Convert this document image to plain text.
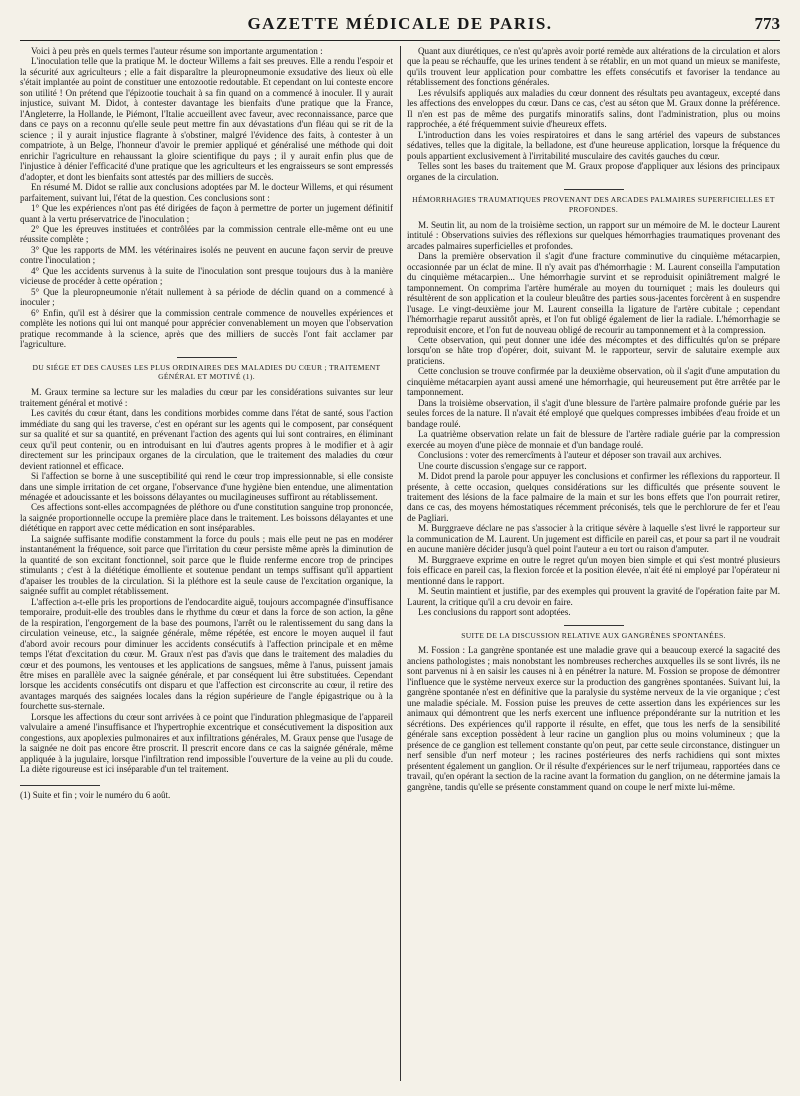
GAZETTE MÉDICALE DE PARIS.	773

Voici à peu près en quels termes l'auteur résume son importante argumentation :

L'inoculation telle que la pratique M. le docteur Willems a fait ses preuves. Elle a rendu l'espoir et la sécurité aux agriculteurs ; elle a fait disparaître la pleuropneumonie exsudative des lieux où elle s'était implantée au point de constituer une entozootie redoutable. Et cependant on lui conteste encore son utilité ! On prétend que l'épizootie touchait à sa fin quand on a commencé à inoculer. Il y aurait injustice, suivant M. Didot, à contester davantage les bienfaits d'une pratique que la France, l'Angleterre, la Hollande, le Piémont, l'Italie accueillent avec faveur, avec reconnaissance, parce que dans ce pays on a reconnu qu'elle seule peut mettre fin aux dévastations d'un fléau qui se rit de la science ; il y aurait injustice flagrante à s'obstiner, malgré l'évidence des faits, à contester à un compatriote, à un Belge, l'honneur d'avoir le premier appliqué et généralisé une méthode qui doit enrichir l'agriculture en rehaussant la gloire scientifique du pays ; il y aurait enfin plus que de l'injustice à dénier l'efficacité d'une pratique que les agriculteurs et les engraisseurs se sont empressés d'adopter, et dont les bienfaits sont attestés par des milliers de succès.

En résumé M. Didot se rallie aux conclusions adoptées par M. le docteur Willems, et qui résument parfaitement, suivant lui, l'état de la question. Ces conclusions sont :

1° Que les expériences n'ont pas été dirigées de façon à permettre de porter un jugement définitif quant à la vertu préservatrice de l'inoculation ;

2° Que les épreuves instituées et contrôlées par la commission centrale elle-même ont eu une réussite complète ;

3° Que les rapports de MM. les vétérinaires isolés ne peuvent en aucune façon servir de preuve contre l'inoculation ;

4° Que les accidents survenus à la suite de l'inoculation sont presque toujours dus à la manière vicieuse de procéder à cette opération ;

5° Que la pleuropneumonie n'était nullement à sa période de déclin quand on a commencé à inoculer ;

6° Enfin, qu'il est à désirer que la commission centrale commence de nouvelles expériences et complète les notions qui lui ont manqué pour apprécier convenablement un moyen que l'observation pratique recommande à la science, après que des milliers de succès l'ont fait acclamer par l'agriculture.

DU SIÉGE ET DES CAUSES LES PLUS ORDINAIRES DES MALADIES DU CŒUR ; TRAITEMENT GÉNÉRAL ET MOTIVÉ (1).

M. Graux termine sa lecture sur les maladies du cœur par les considérations suivantes sur leur traitement général et motivé :

Les cavités du cœur étant, dans les conditions morbides comme dans l'état de santé, sous l'action immédiate du sang qui les traverse, c'est en opérant sur les agents qui le composent, par conséquent sur sa qualité et sur sa quantité, en prévenant l'action des agents qui lui sont contraires, en éliminant ceux qu'il peut contenir, ou en introduisant en lui d'autres agents propres à le modifier et à agir directement sur les principaux organes de la circulation, que le traitement des maladies du cœur devient rationnel et efficace.

Si l'affection se borne à une susceptibilité qui rend le cœur trop impressionnable, si elle consiste dans une simple irritation de cet organe, l'observance d'une hygiène bien entendue, une alimentation ménagée et adoucissante et les boissons délayantes ou mucilagineuses suffiront au rétablissement.

Ces affections sont-elles accompagnées de pléthore ou d'une constitution sanguine trop prononcée, la saignée proportionnelle occupe la première place dans le traitement. Les boissons délayantes et une diététique en rapport avec cette médication en sont inséparables.

La saignée suffisante modifie constamment la force du pouls ; mais elle peut ne pas en modérer instantanément la fréquence, soit parce que l'irritation du cœur persiste même après la diminution de la quantité de son excitant fonctionnel, soit parce que le fluide renferme encore trop de principes stimulants ; c'est à la diététique émolliente et soutenue pendant un temps suffisant qu'il appartient d'apaiser les troubles de la circulation. Si la pléthore est la seule cause de l'excitation organique, la saignée suffit au complet rétablissement.

L'affection a-t-elle pris les proportions de l'endocardite aiguë, toujours accompagnée d'insuffisance temporaire, produit-elle des troubles dans le rhythme du cœur et dans la force de son action, la gêne de la respiration, l'engorgement de la base des poumons, l'arrêt ou le ralentissement du sang dans la circulation veineuse, etc., la saignée générale, même répétée, est encore le moyen auquel il faut d'abord avoir recours pour diminuer les accidents consécutifs à l'affection principale et en même temps l'état d'excitation du cœur. M. Graux n'est pas d'avis que dans le traitement des maladies du cœur et des poumons, les ventouses et les applications de sangsues, même à l'anus, puissent jamais être mises en parallèle avec la saignée générale, et par conséquent lui être substituées. Cependant lorsque les accidents consécutifs ont disparu et que l'affection est circonscrite au cœur, il retire des avantages marqués des saignées locales dans la région supérieure de l'angle épigastrique ou à la fourchette sus-sternale.

Lorsque les affections du cœur sont arrivées à ce point que l'induration phlegmasique de l'appareil valvulaire a amené l'insuffisance et l'hypertrophie excentrique et consécutivement la disposition aux congestions, aux apoplexies pulmonaires et aux infiltrations générales, M. Graux pense que l'usage de la saignée ne doit pas encore être proscrit. Il prescrit encore dans ce cas la saignée générale, même appliquée à la jugulaire, lorsque l'infiltration rend impossible l'ouverture de la veine au pli du coude. La diète rigoureuse est ici inséparable d'un tel traitement.

(1) Suite et fin ; voir le numéro du 6 août.

Quant aux diurétiques, ce n'est qu'après avoir porté remède aux altérations de la circulation et alors que la peau se réchauffe, que les urines tendent à se rétablir, en un mot quand un mieux se manifeste, qu'ils trouvent leur application pour combattre les effets consécutifs et favoriser la tendance au rétablissement des fonctions générales.

Les révulsifs appliqués aux maladies du cœur donnent des résultats peu avantageux, excepté dans les affections des enveloppes du cœur. Dans ce cas, c'est au séton que M. Graux donne la préférence. Il n'en est pas de même des purgatifs minoratifs salins, dont l'administration, plus ou moins rapprochée, a été fréquemment suivie d'heureux effets.

L'introduction dans les voies respiratoires et dans le sang artériel des vapeurs de substances sédatives, telles que la digitale, la belladone, est d'une heureuse application, lorsque la fréquence du pouls appartient exclusivement à l'irritabilité musculaire des cavités gauches du cœur.

Telles sont les bases du traitement que M. Graux propose d'appliquer aux lésions des principaux organes de la circulation.

HÉMORRHAGIES TRAUMATIQUES PROVENANT DES ARCADES PALMAIRES SUPERFICIELLES ET PROFONDES.

M. Seutin lit, au nom de la troisième section, un rapport sur un mémoire de M. le docteur Laurent intitulé : Observations suivies des réflexions sur quelques hémorrhagies traumatiques provenant des arcades palmaires superficielles et profondes.

Dans la première observation il s'agit d'une fracture comminutive du cinquième métacarpien, occasionnée par un éclat de mine. Il n'y avait pas d'hémorrhagie : M. Laurent conseilla l'amputation du cinquième métacarpien... Une hémorrhagie survint et se reproduisit opiniâtrement malgré le tamponnement. On comprima l'artère humérale au moyen du tourniquet ; mais les douleurs qui résultèrent de son application et la couleur bleuâtre des parties sous-jacentes forcèrent à en suspendre l'usage. Le vingt-deuxième jour M. Laurent conseilla la ligature de l'artère cubitale ; cependant l'hémorrhagie reparut aussitôt après, et l'on fut obligé également de lier la radiale. L'hémorrhagie se reproduisit encore, et l'on fut de nouveau obligé de recourir au tamponnement et à la compression.

Cette observation, qui peut donner une idée des mécomptes et des difficultés qu'on se prépare lorsqu'on se hâte trop d'opérer, doit, suivant M. le rapporteur, servir de salutaire exemple aux praticiens.

Cette conclusion se trouve confirmée par la deuxième observation, où il s'agit d'une amputation du cinquième métacarpien ayant aussi amené une hémorrhagie, qui heureusement put être arrêtée par le tamponnement.

Dans la troisième observation, il s'agit d'une blessure de l'artère palmaire profonde guérie par les seules forces de la nature. Il n'avait été employé que quelques compresses imbibées d'eau froide et un bandage roulé.

La quatrième observation relate un fait de blessure de l'artère radiale guérie par la compression exercée au moyen d'une pièce de monnaie et d'un bandage roulé.

Conclusions : voter des remercîments à l'auteur et déposer son travail aux archives.

Une courte discussion s'engage sur ce rapport.

M. Didot prend la parole pour appuyer les conclusions et confirmer les réflexions du rapporteur. Il présente, à cette occasion, quelques considérations sur les difficultés que présente souvent le traitement des lésions de la face palmaire de la main et sur les bons effets que l'on pourrait retirer, dans ce cas, des moyens hémostatiques récemment préconisés, tels que le perchlorure de fer et l'eau de Pagliari.

M. Burggraeve déclare ne pas s'associer à la critique sévère à laquelle s'est livré le rapporteur sur la communication de M. Laurent. Un jugement est difficile en pareil cas, et pour sa part il ne voudrait en aucune manière décider jusqu'à quel point l'auteur a eu tort ou raison d'amputer.

M. Burggraeve exprime en outre le regret qu'un moyen bien simple et qui s'est montré plusieurs fois efficace en pareil cas, la flexion forcée et la position élevée, n'ait été ni employé par l'opérateur ni mentionné dans le rapport.

M. Seutin maintient et justifie, par des exemples qui prouvent la gravité de l'opération faite par M. Laurent, la critique qu'il a cru devoir en faire.

Les conclusions du rapport sont adoptées.

SUITE DE LA DISCUSSION RELATIVE AUX GANGRÈNES SPONTANÉES.

M. Fossion : La gangrène spontanée est une maladie grave qui a beaucoup exercé la sagacité des anciens pathologistes ; mais nonobstant les nombreuses recherches auxquelles ils se sont livrés, ils ne sont parvenus ni à en saisir les causes ni à en pénétrer la nature. M. Fossion se propose de démontrer l'influence que le système nerveux exerce sur la production des gangrènes spontanées. Suivant lui, la gangrène spontanée n'est en définitive que la paralysie du système nerveux de la vie organique ; c'est une maladie spéciale. M. Fossion puise les preuves de cette assertion dans les expériences sur les animaux qui démontrent que les nerfs exercent une influence prépondérante sur la nutrition et les sécrétions. Des expériences qu'il rapporte il résulte, en effet, que tous les nerfs de la sensibilité générale sans exception possèdent à leur racine un ganglion plus ou moins volumineux ; que la présence de ce ganglion est tellement constante qu'on peut, par cette seule circonstance, distinguer un nerf sensible d'un nerf moteur ; les racines postérieures des nerfs rachidiens qui sont mixtes présentent également un ganglion. Or il résulte d'expériences sur le nerf trijumeau, rapportées dans ce travail, qu'en opérant la section de la racine avant la formation du ganglion, on ne détermine jamais la gangrène, tandis qu'elle se présente constamment quand on coupe le nerf mixte lui-même.
